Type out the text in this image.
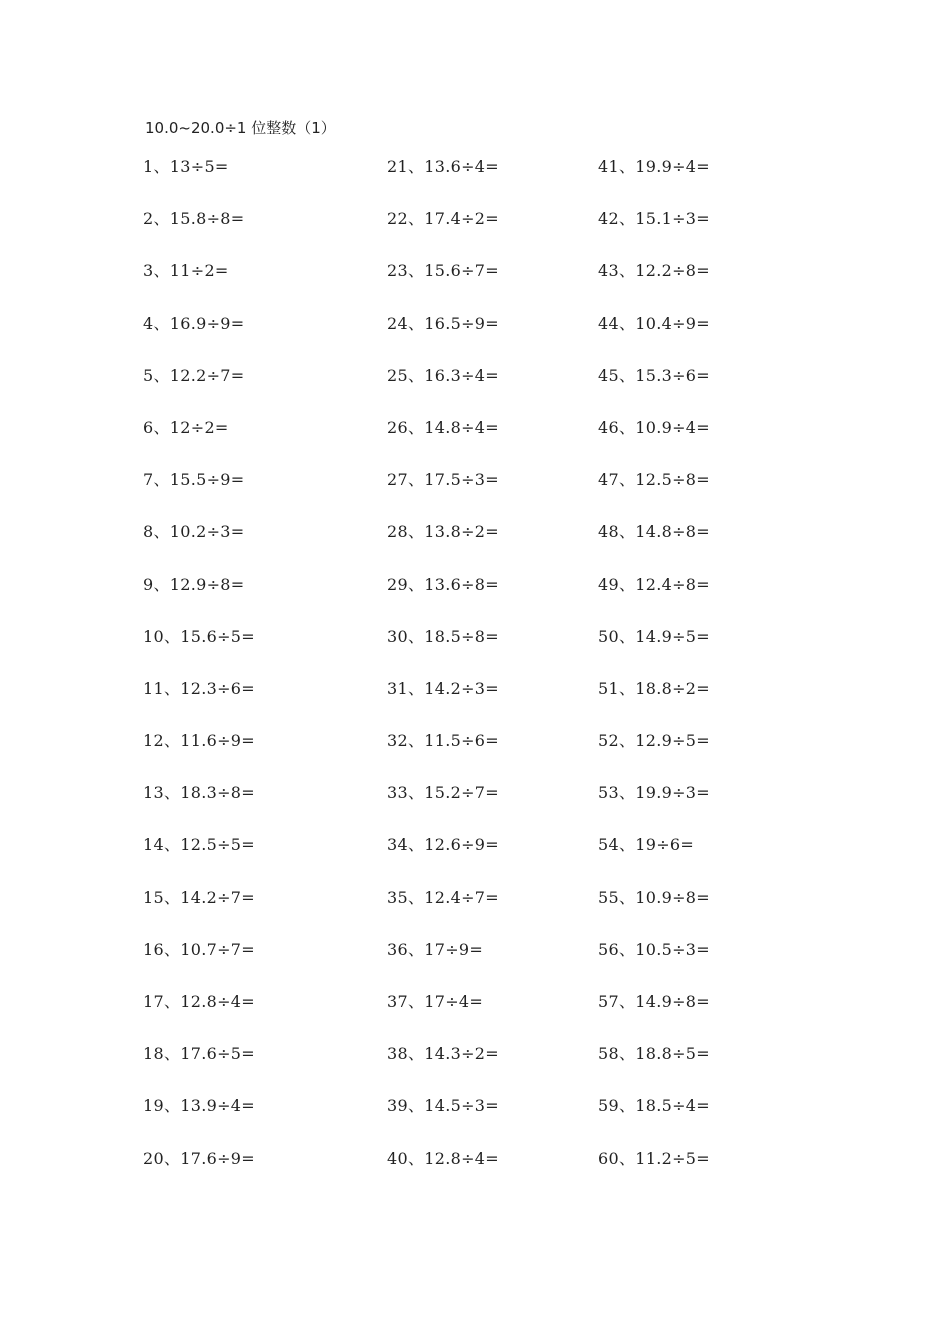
10.0~20.0÷1 位整数（1）
1、13÷5=
2、15.8÷8=
3、11÷2=
4、16.9÷9=
5、12.2÷7=
6、12÷2=
7、15.5÷9=
8、10.2÷3=
9、12.9÷8=
10、15.6÷5=
11、12.3÷6=
12、11.6÷9=
13、18.3÷8=
14、12.5÷5=
15、14.2÷7=
16、10.7÷7=
17、12.8÷4=
18、17.6÷5=
19、13.9÷4=
20、17.6÷9=
21、13.6÷4=
22、17.4÷2=
23、15.6÷7=
24、16.5÷9=
25、16.3÷4=
26、14.8÷4=
27、17.5÷3=
28、13.8÷2=
29、13.6÷8=
30、18.5÷8=
31、14.2÷3=
32、11.5÷6=
33、15.2÷7=
34、12.6÷9=
35、12.4÷7=
36、17÷9=
37、17÷4=
38、14.3÷2=
39、14.5÷3=
40、12.8÷4=
41、19.9÷4=
42、15.1÷3=
43、12.2÷8=
44、10.4÷9=
45、15.3÷6=
46、10.9÷4=
47、12.5÷8=
48、14.8÷8=
49、12.4÷8=
50、14.9÷5=
51、18.8÷2=
52、12.9÷5=
53、19.9÷3=
54、19÷6=
55、10.9÷8=
56、10.5÷3=
57、14.9÷8=
58、18.8÷5=
59、18.5÷4=
60、11.2÷5=
